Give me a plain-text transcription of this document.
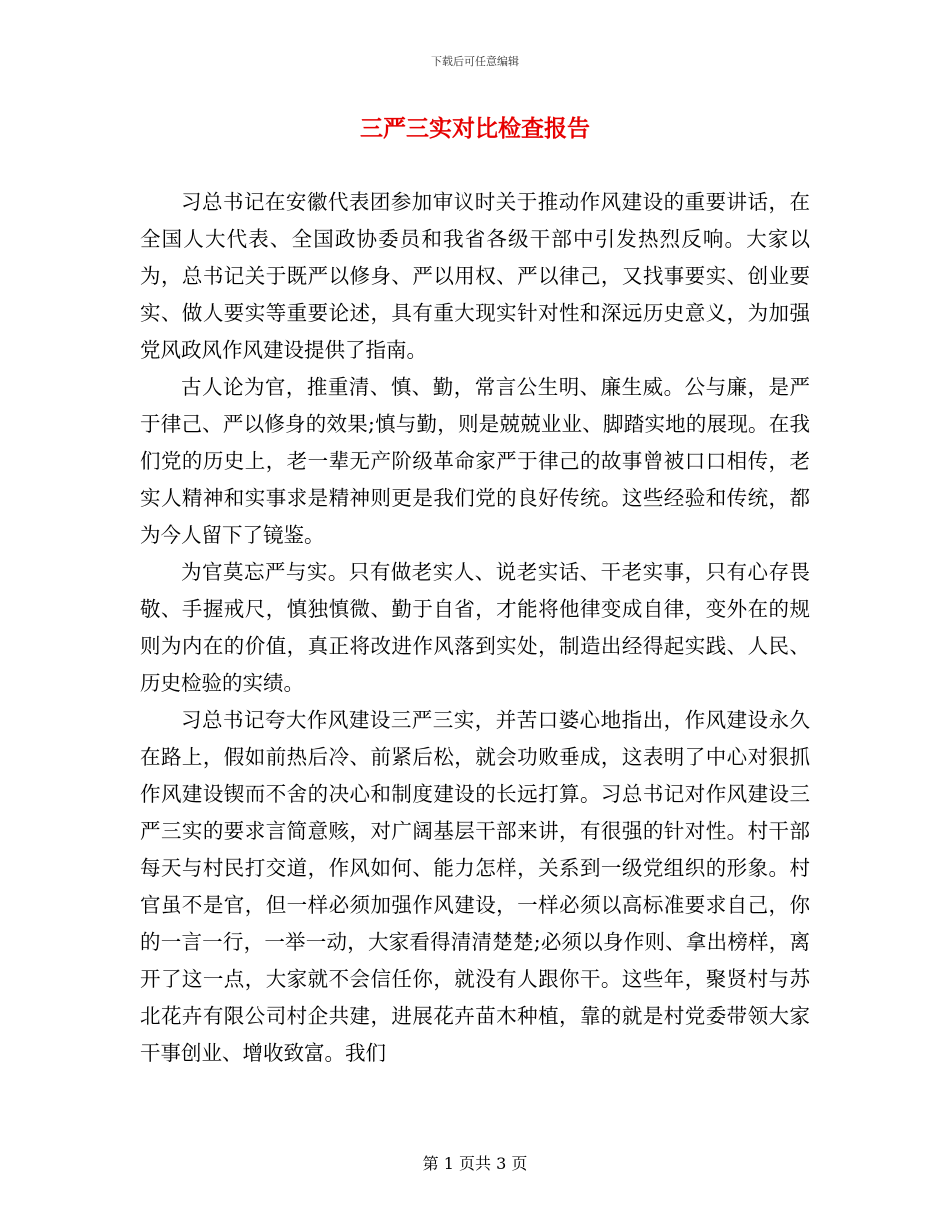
下载后可任意编辑
三严三实对比检查报告

习总书记在安徽代表团参加审议时关于推动作风建设的重要讲话，在全国人大代表、全国政协委员和我省各级干部中引发热烈反响。大家以为，总书记关于既严以修身、严以用权、严以律己，又找事要实、创业要实、做人要实等重要论述，具有重大现实针对性和深远历史意义，为加强党风政风作风建设提供了指南。

古人论为官，推重清、慎、勤，常言公生明、廉生威。公与廉，是严于律己、严以修身的效果;慎与勤，则是兢兢业业、脚踏实地的展现。在我们党的历史上，老一辈无产阶级革命家严于律己的故事曾被口口相传，老实人精神和实事求是精神则更是我们党的良好传统。这些经验和传统，都为今人留下了镜鉴。

为官莫忘严与实。只有做老实人、说老实话、干老实事，只有心存畏敬、手握戒尺，慎独慎微、勤于自省，才能将他律变成自律，变外在的规则为内在的价值，真正将改进作风落到实处，制造出经得起实践、人民、历史检验的实绩。

习总书记夸大作风建设三严三实，并苦口婆心地指出，作风建设永久在路上，假如前热后冷、前紧后松，就会功败垂成，这表明了中心对狠抓作风建设锲而不舍的决心和制度建设的长远打算。习总书记对作风建设三严三实的要求言简意赅，对广阔基层干部来讲，有很强的针对性。村干部每天与村民打交道，作风如何、能力怎样，关系到一级党组织的形象。村官虽不是官，但一样必须加强作风建设，一样必须以高标准要求自己，你的一言一行，一举一动，大家看得清清楚楚;必须以身作则、拿出榜样，离开了这一点，大家就不会信任你，就没有人跟你干。这些年，聚贤村与苏北花卉有限公司村企共建，进展花卉苗木种植，靠的就是村党委带领大家干事创业、增收致富。我们

第 1 页共 3 页
